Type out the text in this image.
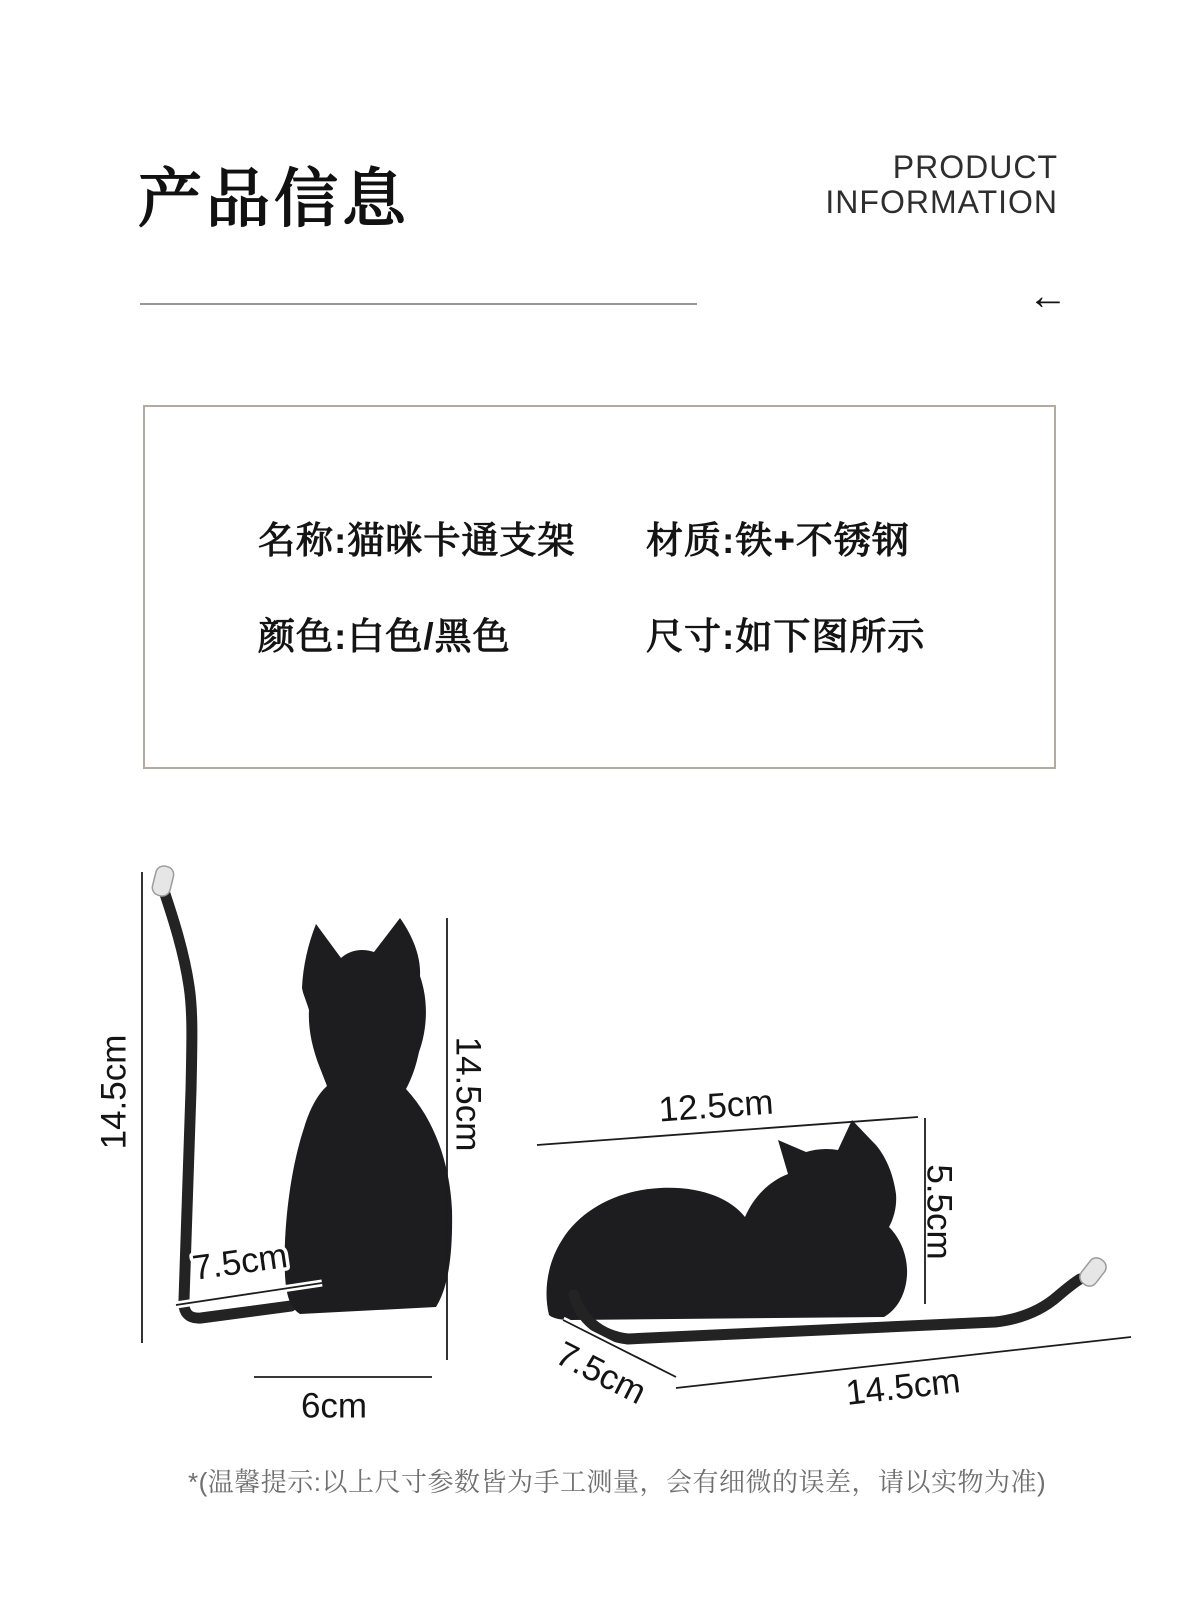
产品信息	PRODUCT
INFORMATION
←
名称:猫咪卡通支架 材质:铁+不锈钢
颜色:白色/黑色	尺寸:如下图所示
14.5cm	14.5cm
7.5cm
6cm
12.5cm
5.5cm
7.5cm	14.5cm
*(温馨提示:以上尺寸参数皆为手工测量，会有细微的误差，请以实物为准)
